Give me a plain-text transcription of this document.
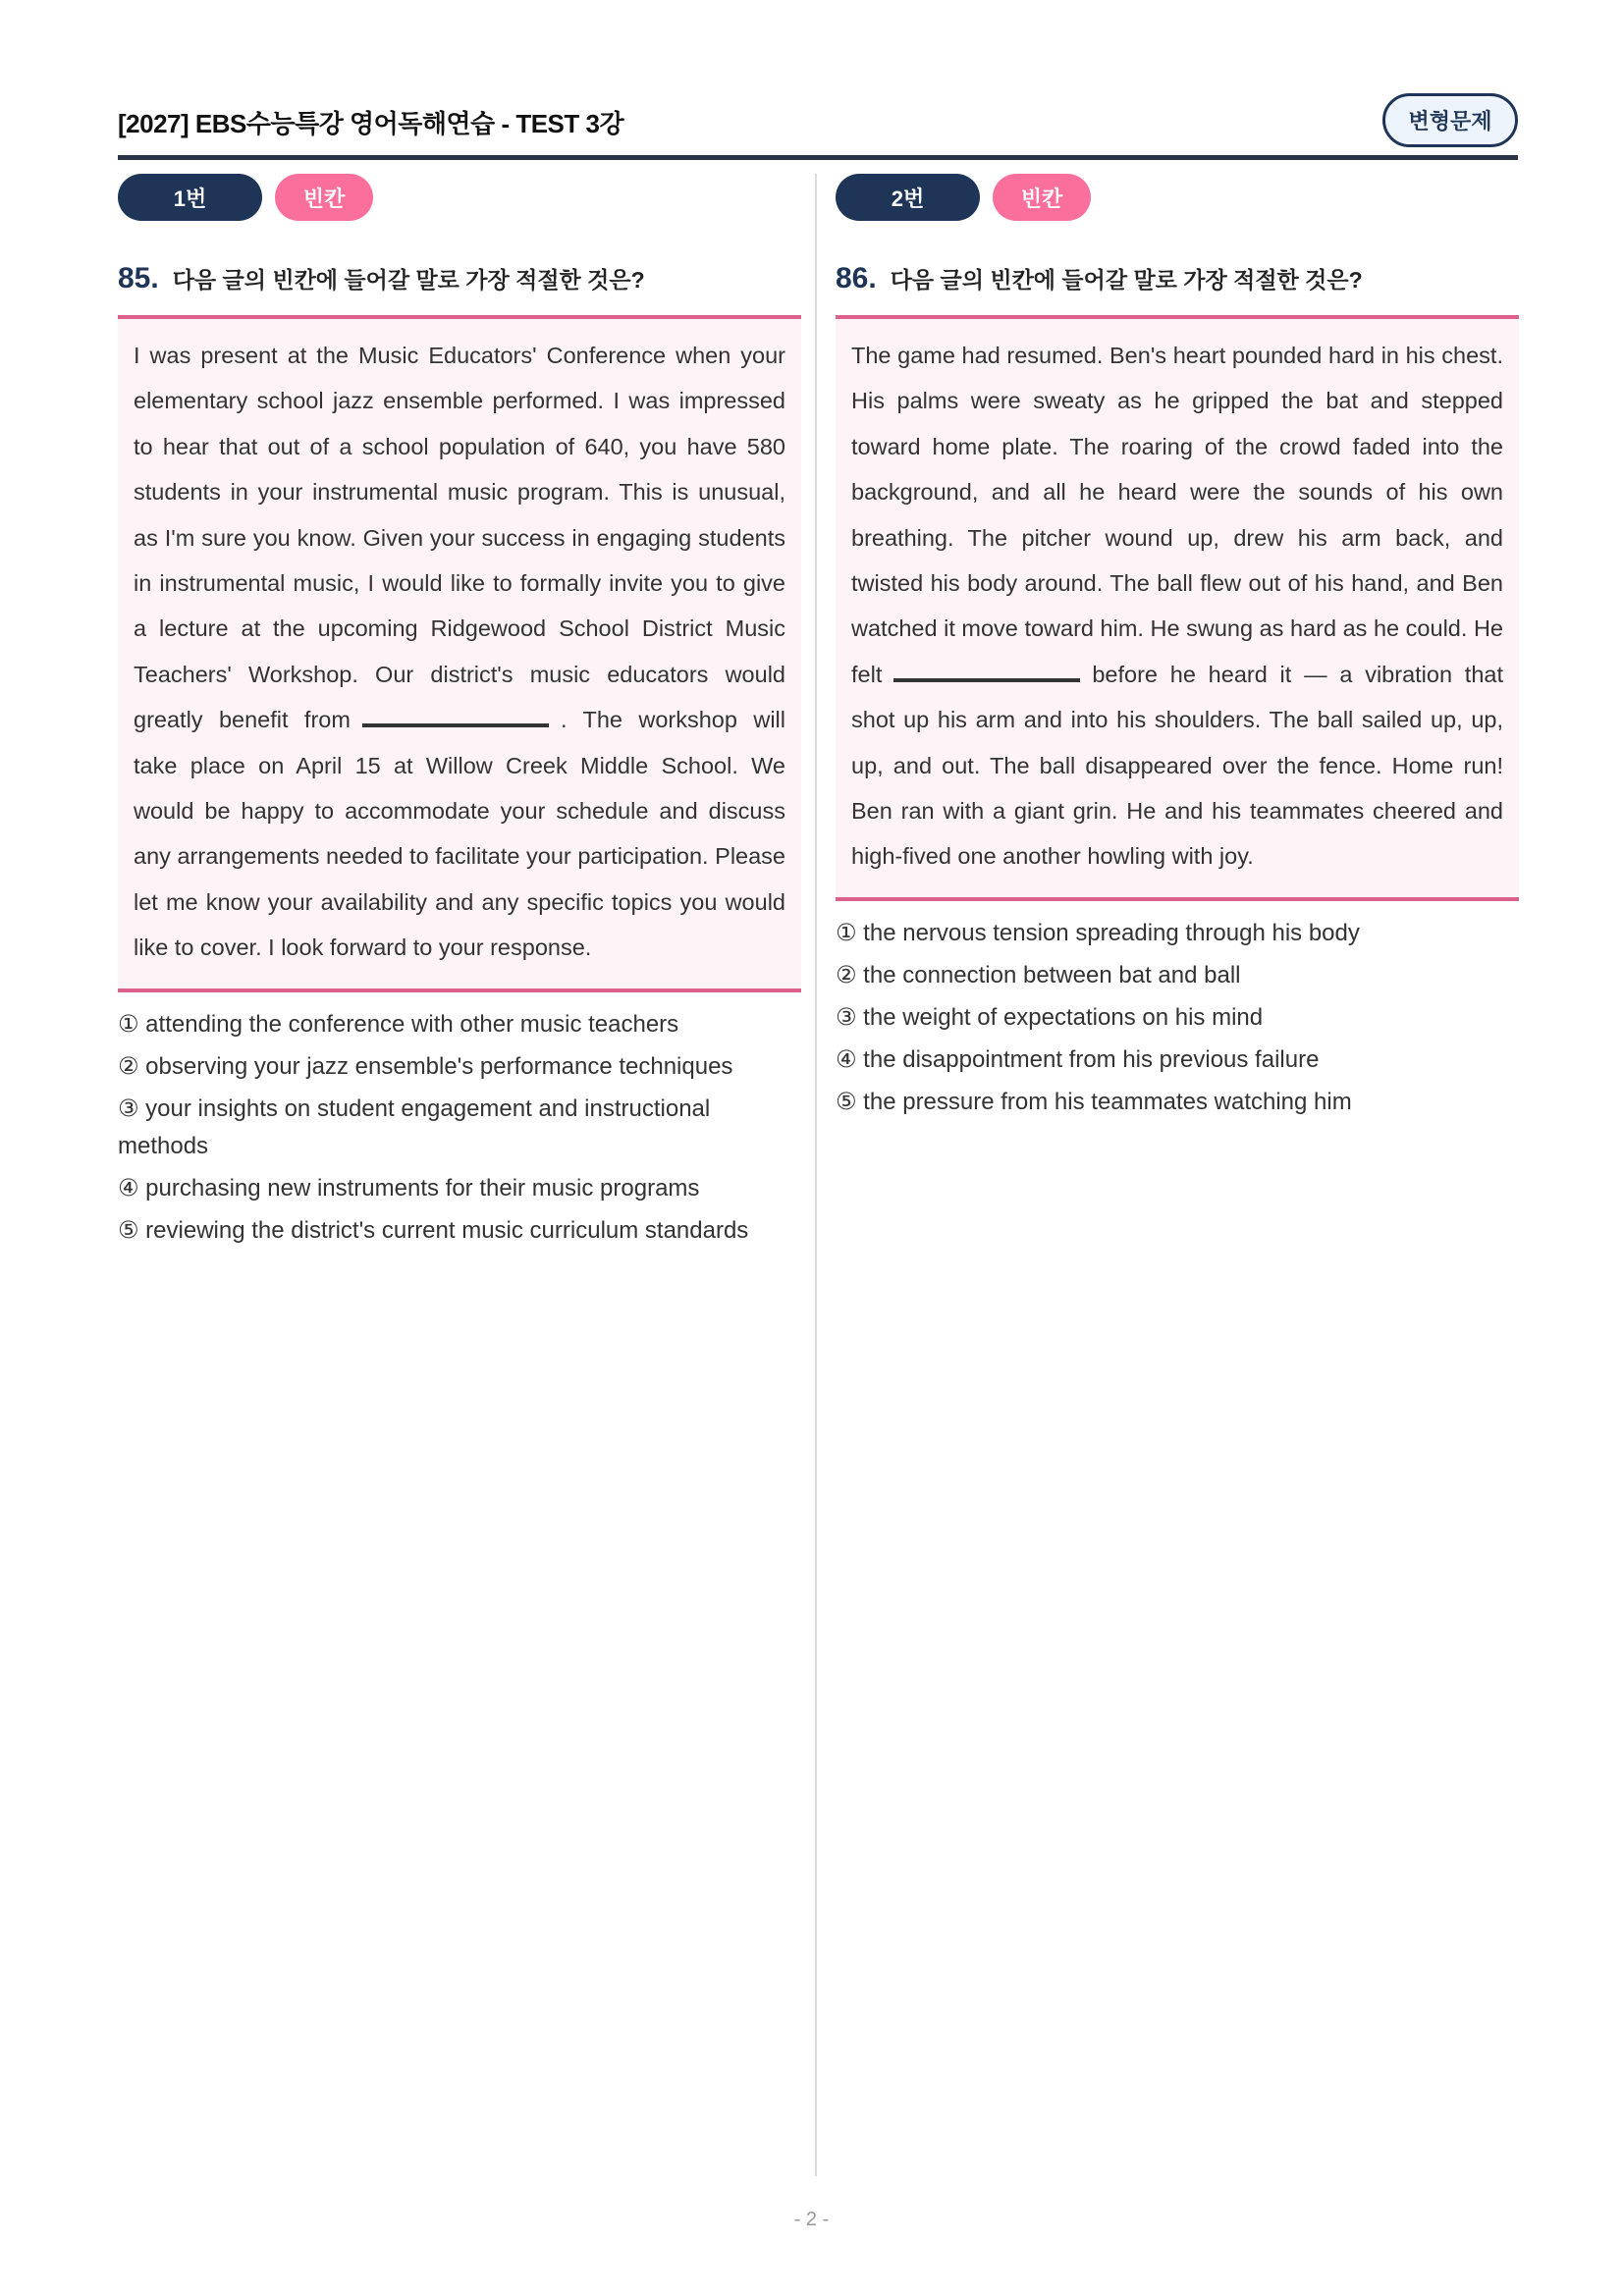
[2027] EBS수능특강 영어독해연습 - TEST 3강	변형문제
1번	빈칸
85. 다음 글의 빈칸에 들어갈 말로 가장 적절한 것은?
I was present at the Music Educators' Conference when your elementary school jazz ensemble performed. I was impressed to hear that out of a school population of 640, you have 580 students in your instrumental music program. This is unusual, as I'm sure you know. Given your success in engaging students in instrumental music, I would like to formally invite you to give a lecture at the upcoming Ridgewood School District Music Teachers' Workshop. Our district's music educators would greatly benefit from	. The workshop will take place on April 15 at Willow Creek Middle School. We would be happy to accommodate your schedule and discuss any arrangements needed to facilitate your participation. Please let me know your availability and any specific topics you would like to cover. I look forward to your response.
① attending the conference with other music teachers
② observing your jazz ensemble's performance techniques
③ your insights on student engagement and instructional methods
④ purchasing new instruments for their music programs
⑤ reviewing the district's current music curriculum standards
2번	빈칸
86. 다음 글의 빈칸에 들어갈 말로 가장 적절한 것은?
The game had resumed. Ben's heart pounded hard in his chest. His palms were sweaty as he gripped the bat and stepped toward home plate. The roaring of the crowd faded into the background, and all he heard were the sounds of his own breathing. The pitcher wound up, drew his arm back, and twisted his body around. The ball flew out of his hand, and Ben watched it move toward him. He swung as hard as he could. He felt	before he heard it — a vibration that shot up his arm and into his shoulders. The ball sailed up, up, up, and out. The ball disappeared over the fence. Home run! Ben ran with a giant grin. He and his teammates cheered and high-fived one another howling with joy.
① the nervous tension spreading through his body
② the connection between bat and ball
③ the weight of expectations on his mind
④ the disappointment from his previous failure
⑤ the pressure from his teammates watching him
- 2 -
